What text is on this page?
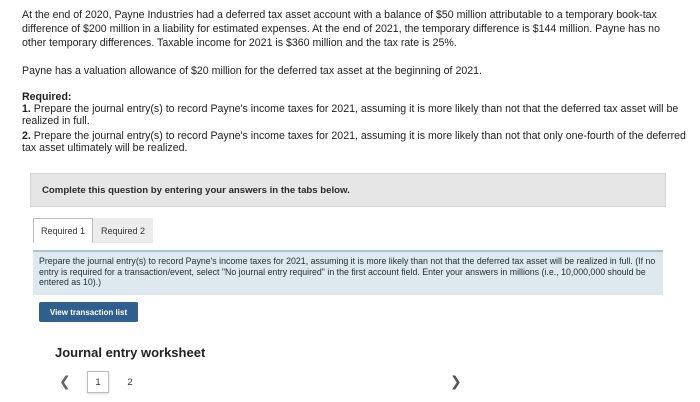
At the end of 2020, Payne Industries had a deferred tax asset account with a balance of $50 million attributable to a temporary book-tax difference of $200 million in a liability for estimated expenses. At the end of 2021, the temporary difference is $144 million. Payne has no other temporary differences. Taxable income for 2021 is $360 million and the tax rate is 25%.

Payne has a valuation allowance of $20 million for the deferred tax asset at the beginning of 2021.
Required:
1. Prepare the journal entry(s) to record Payne's income taxes for 2021, assuming it is more likely than not that the deferred tax asset will be realized in full.
2. Prepare the journal entry(s) to record Payne's income taxes for 2021, assuming it is more likely than not that only one-fourth of the deferred tax asset ultimately will be realized.
Complete this question by entering your answers in the tabs below.
Required 1	Required 2
Prepare the journal entry(s) to record Payne's income taxes for 2021, assuming it is more likely than not that the deferred tax asset will be realized in full. (If no entry is required for a transaction/event, select "No journal entry required" in the first account field. Enter your answers in millions (i.e., 10,000,000 should be entered as 10).)
View transaction list
Journal entry worksheet
❮	1	2	❯
